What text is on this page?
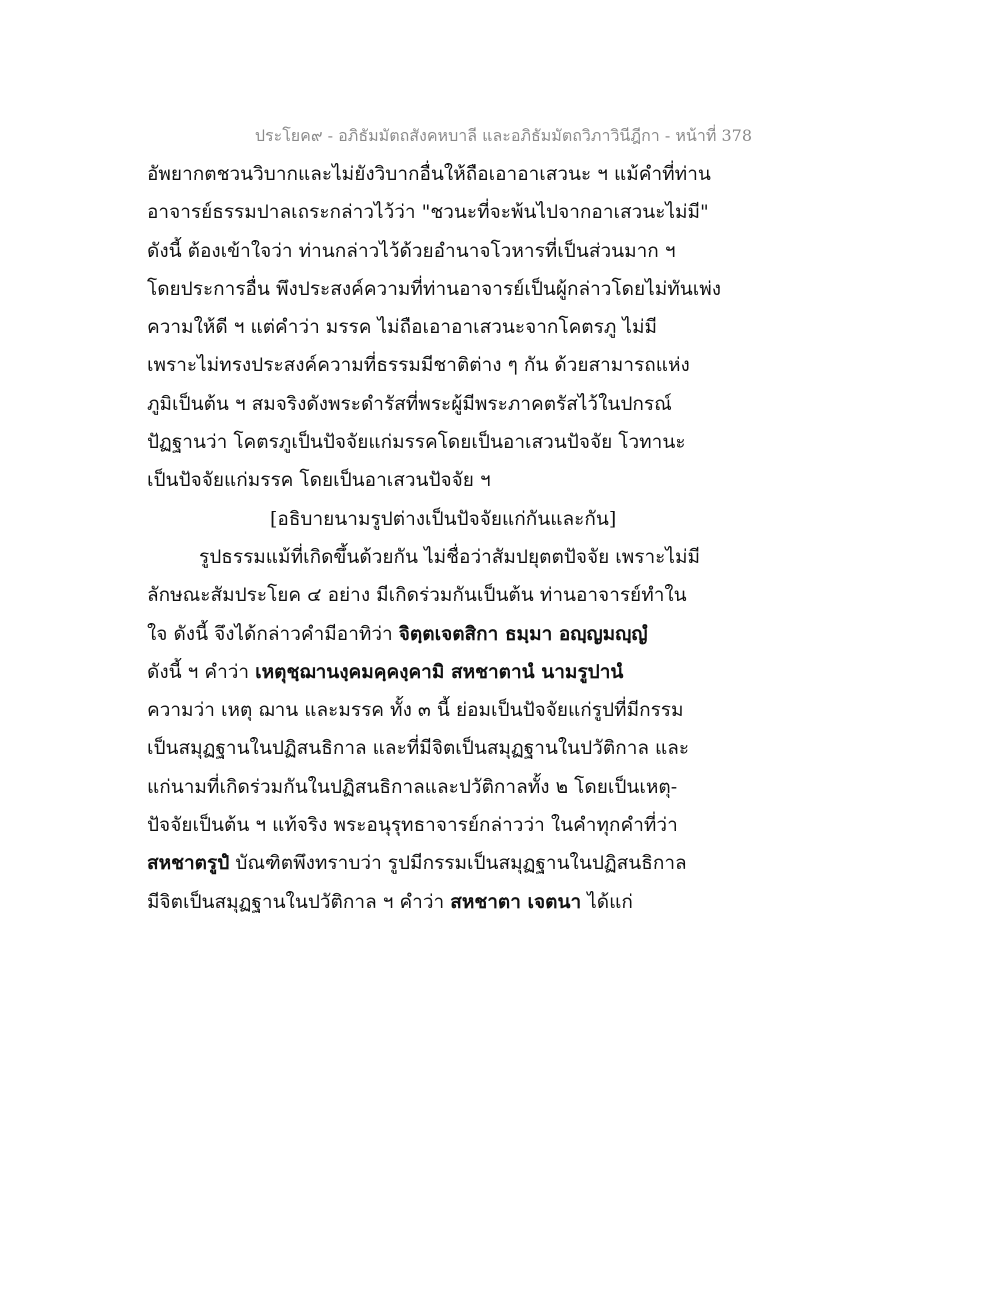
ประโยค๙ - อภิธัมมัตถสังคหบาลี และอภิธัมมัตถวิภาวินีฎีกา - หน้าที่ 378
อัพยากตชวนวิบากและไม่ยังวิบากอื่นให้ถือเอาอาเสวนะ ฯ แม้คำที่ท่าน
อาจารย์ธรรมปาลเถระกล่าวไว้ว่า "ชวนะที่จะพ้นไปจากอาเสวนะไม่มี"
ดังนี้ ต้องเข้าใจว่า ท่านกล่าวไว้ด้วยอำนาจโวหารที่เป็นส่วนมาก ฯ
โดยประการอื่น พึงประสงค์ความที่ท่านอาจารย์เป็นผู้กล่าวโดยไม่ทันเพ่ง
ความให้ดี ฯ แต่คำว่า มรรค ไม่ถือเอาอาเสวนะจากโคตรภู ไม่มี
เพราะไม่ทรงประสงค์ความที่ธรรมมีชาติต่าง ๆ กัน ด้วยสามารถแห่ง
ภูมิเป็นต้น ฯ สมจริงดังพระดำรัสที่พระผู้มีพระภาคตรัสไว้ในปกรณ์
ปัฏฐานว่า โคตรภูเป็นปัจจัยแก่มรรคโดยเป็นอาเสวนปัจจัย โวทานะ
เป็นปัจจัยแก่มรรค โดยเป็นอาเสวนปัจจัย ฯ
[อธิบายนามรูปต่างเป็นปัจจัยแก่กันและกัน]
รูปธรรมแม้ที่เกิดขึ้นด้วยกัน ไม่ชื่อว่าสัมปยุตตปัจจัย เพราะไม่มี
ลักษณะสัมประโยค ๔ อย่าง มีเกิดร่วมกันเป็นต้น ท่านอาจารย์ทำใน
ใจ ดังนี้ จึงได้กล่าวคำมีอาทิว่า จิตฺตเจตสิกา ธมฺมา อญฺญมญฺญํ
ดังนี้ ฯ คำว่า เหตุชฺฌานงฺคมคฺคงฺคามิ สหชาตานํ นามรูปานํ
ความว่า เหตุ ฌาน และมรรค ทั้ง ๓ นี้ ย่อมเป็นปัจจัยแก่รูปที่มีกรรม
เป็นสมุฏฐานในปฏิสนธิกาล และที่มีจิตเป็นสมุฏฐานในปวัติกาล และ
แก่นามที่เกิดร่วมกันในปฏิสนธิกาลและปวัติกาลทั้ง ๒ โดยเป็นเหตุ-
ปัจจัยเป็นต้น ฯ แท้จริง พระอนุรุทธาจารย์กล่าวว่า ในคำทุกคำที่ว่า
สหชาตรูปํ บัณฑิตพึงทราบว่า รูปมีกรรมเป็นสมุฏฐานในปฏิสนธิกาล
มีจิตเป็นสมุฏฐานในปวัติกาล ฯ คำว่า สหชาตา เจตนา ได้แก่
